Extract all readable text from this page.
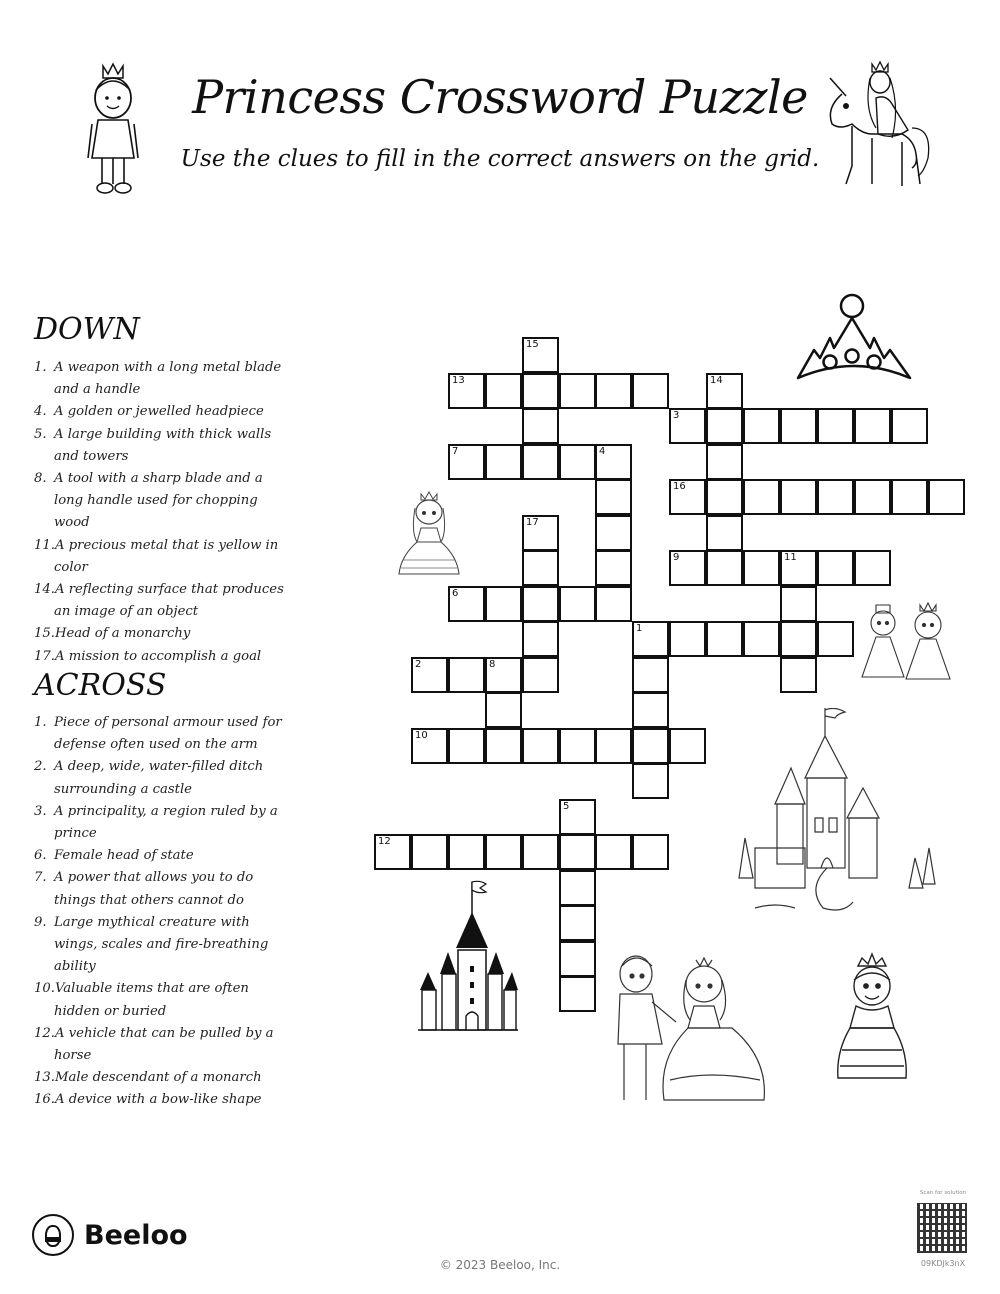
Princess Crossword Puzzle
Use the clues to fill in the correct answers on the grid.
DOWN
1. A weapon with a long metal blade and a handle
4. A golden or jewelled headpiece
5. A large building with thick walls and towers
8. A tool with a sharp blade and a long handle used for chopping wood
11.A precious metal that is yellow in color
14.A reflecting surface that produces an image of an object
15.Head of a monarchy
17.A mission to accomplish a goal
ACROSS
1. Piece of personal armour used for defense often used on the arm
2. A deep, wide, water-filled ditch surrounding a castle
3. A principality, a region ruled by a prince
6. Female head of state
7. A power that allows you to do things that others cannot do
9. Large mythical creature with wings, scales and fire-breathing ability
10.Valuable items that are often hidden or buried
12.A vehicle that can be pulled by a horse
13.Male descendant of a monarch
16.A device with a bow-like shape
15
13	14
3
7	4
16
17
9	11
6
1
2	8
10
5
12
Beeloo
© 2023 Beeloo, Inc.
Scan for solution
09KDJk3nX
